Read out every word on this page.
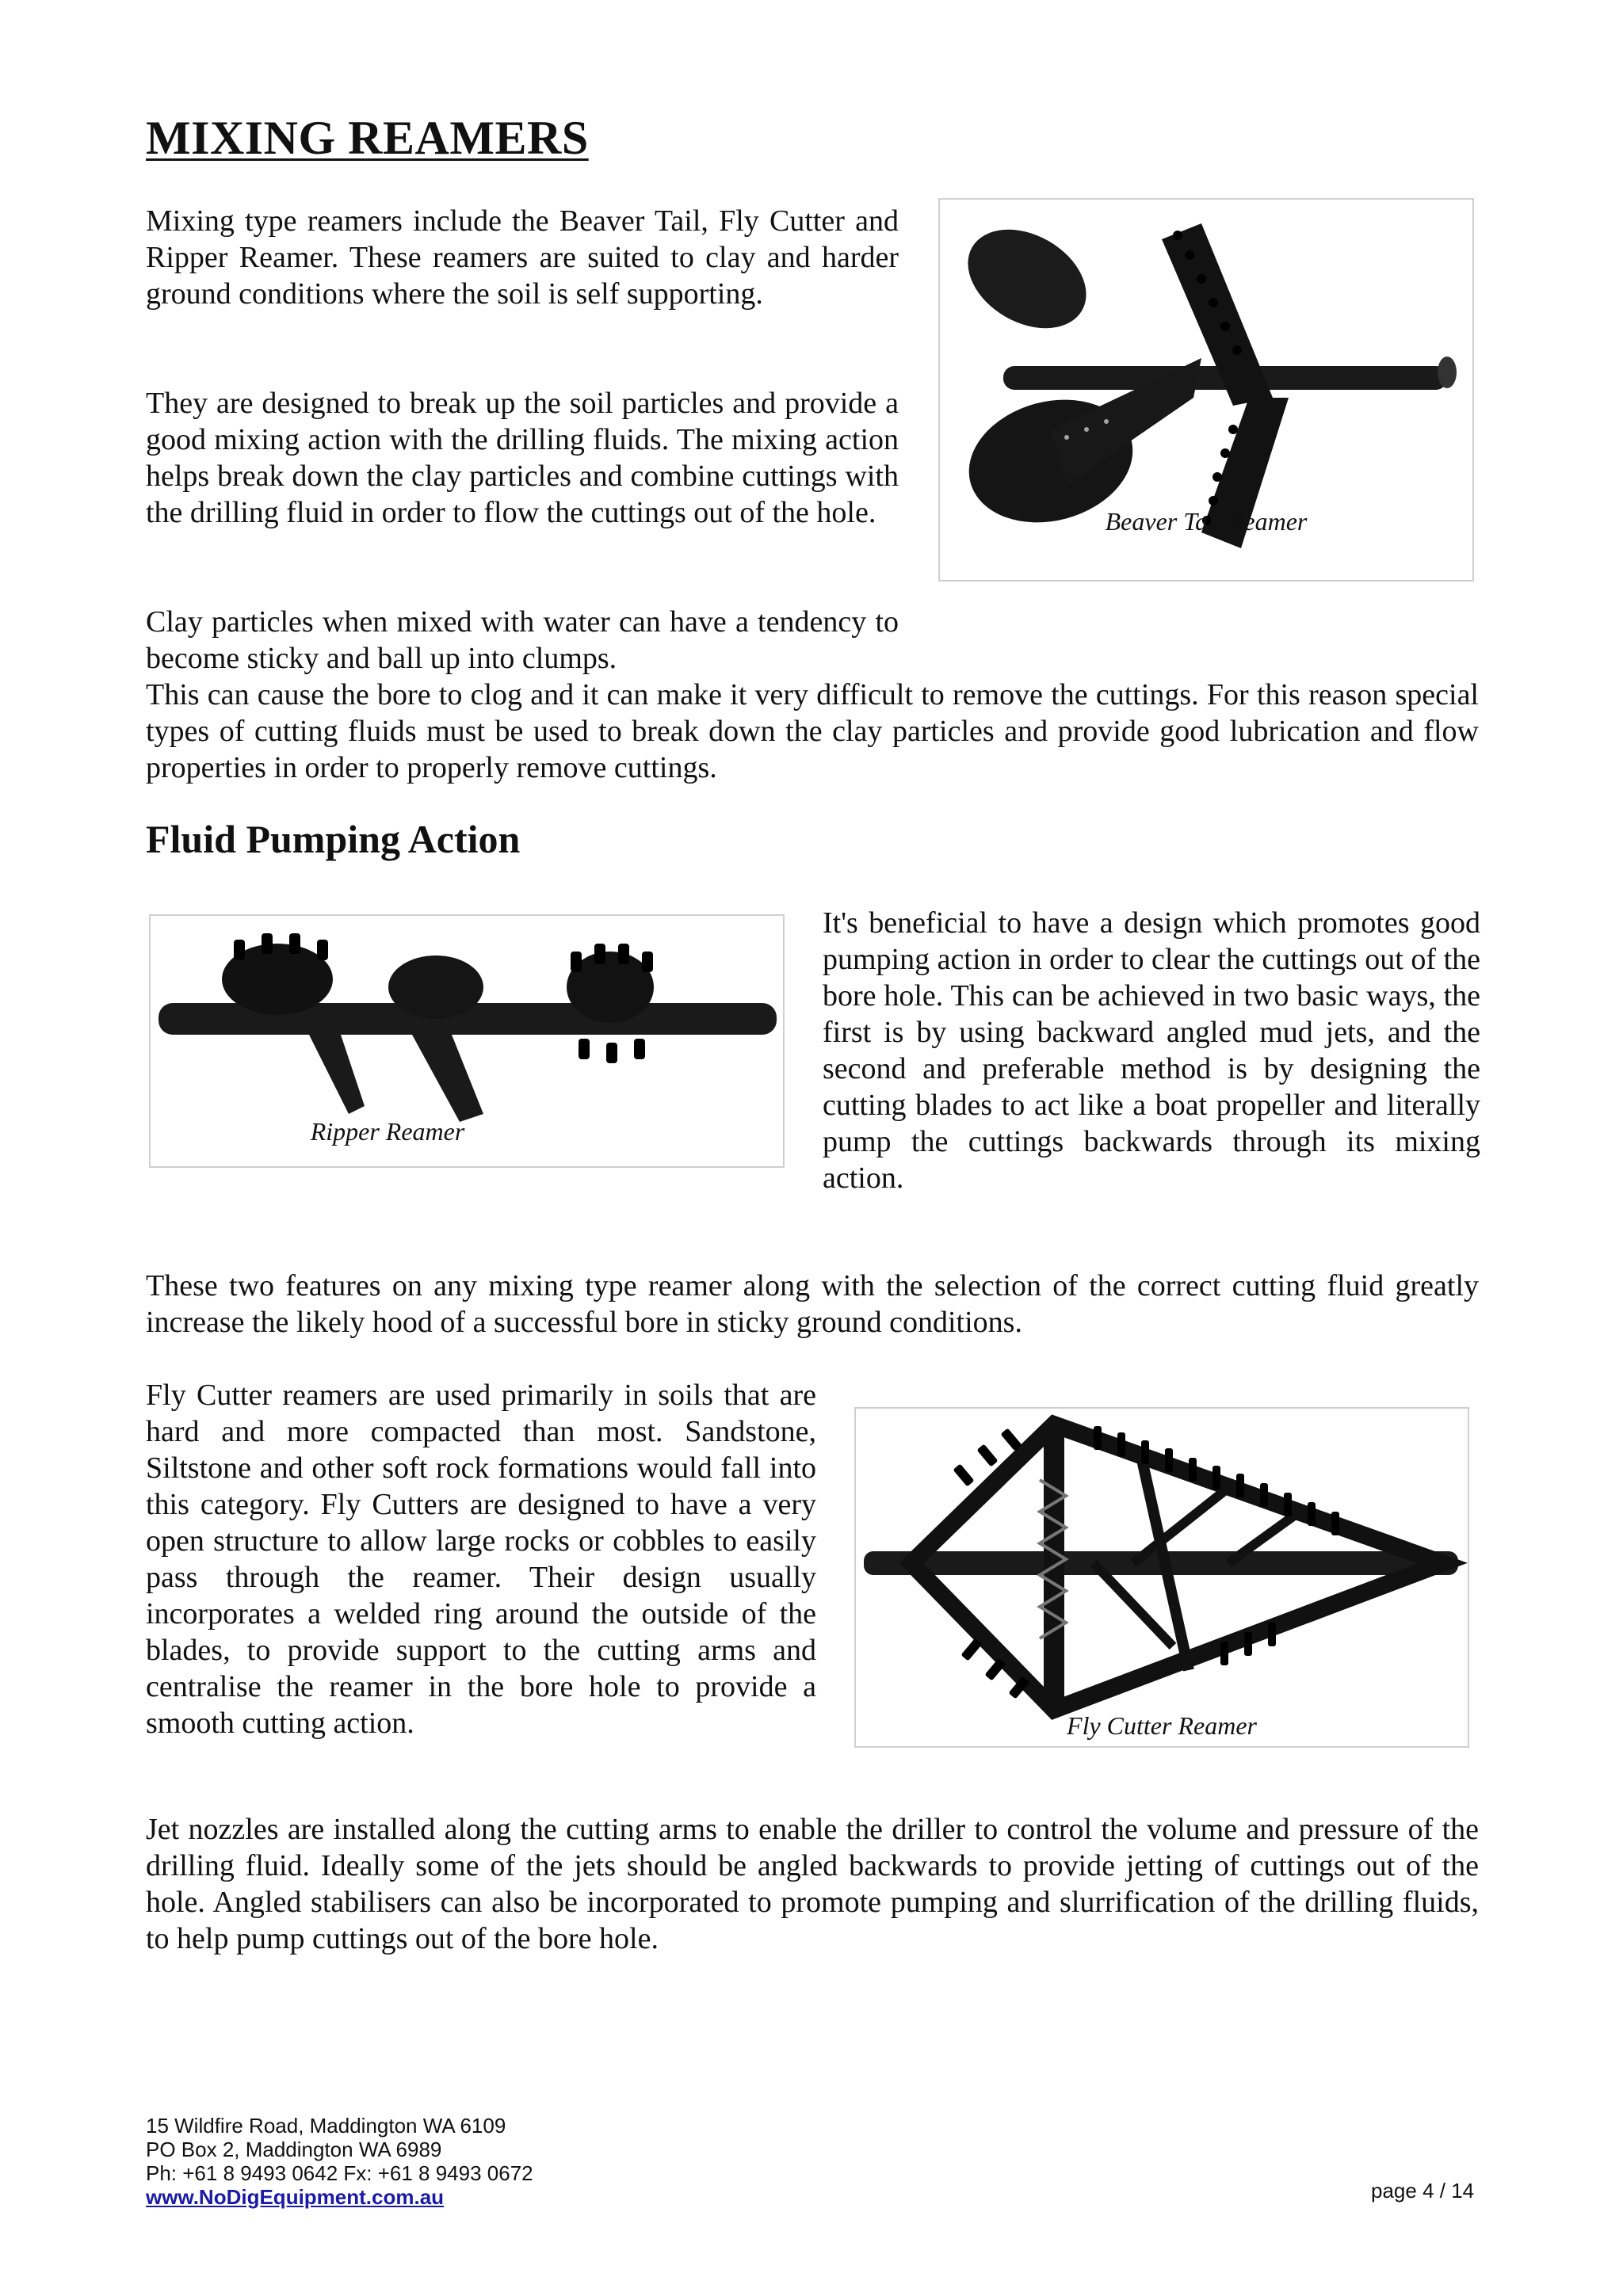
MIXING REAMERS

Mixing type reamers include the Beaver Tail, Fly Cutter and Ripper Reamer. These reamers are suited to clay and harder ground conditions where the soil is self supporting.

They are designed to break up the soil particles and provide a good mixing action with the drilling fluids. The mixing action helps break down the clay particles and combine cuttings with the drilling fluid in order to flow the cuttings out of the hole.

Clay particles when mixed with water can have a tendency to become sticky and ball up into clumps.

This can cause the bore to clog and it can make it very difficult to remove the cuttings. For this reason special types of cutting fluids must be used to break down the clay particles and provide good lubrication and flow properties in order to properly remove cuttings.

Beaver Tail Reamer
Fluid Pumping Action
Ripper Reamer

It's beneficial to have a design which promotes good pumping action in order to clear the cuttings out of the bore hole. This can be achieved in two basic ways, the first is by using backward angled mud jets, and the second and preferable method is by designing the cutting blades to act like a boat propeller and literally pump the cuttings backwards through its mixing action.

These two features on any mixing type reamer along with the selection of the correct cutting fluid greatly increase the likely hood of a successful bore in sticky ground conditions.

Fly Cutter reamers are used primarily in soils that are hard and more compacted than most. Sandstone, Siltstone and other soft rock formations would fall into this category. Fly Cutters are designed to have a very open structure to allow large rocks or cobbles to easily pass through the reamer. Their design usually incorporates a welded ring around the outside of the blades, to provide support to the cutting arms and centralise the reamer in the bore hole to provide a smooth cutting action.	Fly Cutter Reamer

Jet nozzles are installed along the cutting arms to enable the driller to control the volume and pressure of the drilling fluid. Ideally some of the jets should be angled backwards to provide jetting of cuttings out of the hole. Angled stabilisers can also be incorporated to promote pumping and slurrification of the drilling fluids, to help pump cuttings out of the bore hole.

15 Wildfire Road, Maddington WA 6109
PO Box 2, Maddington WA 6989
Ph: +61 8 9493 0642 Fx: +61 8 9493 0672
www.NoDigEquipment.com.au	page 4 / 14
